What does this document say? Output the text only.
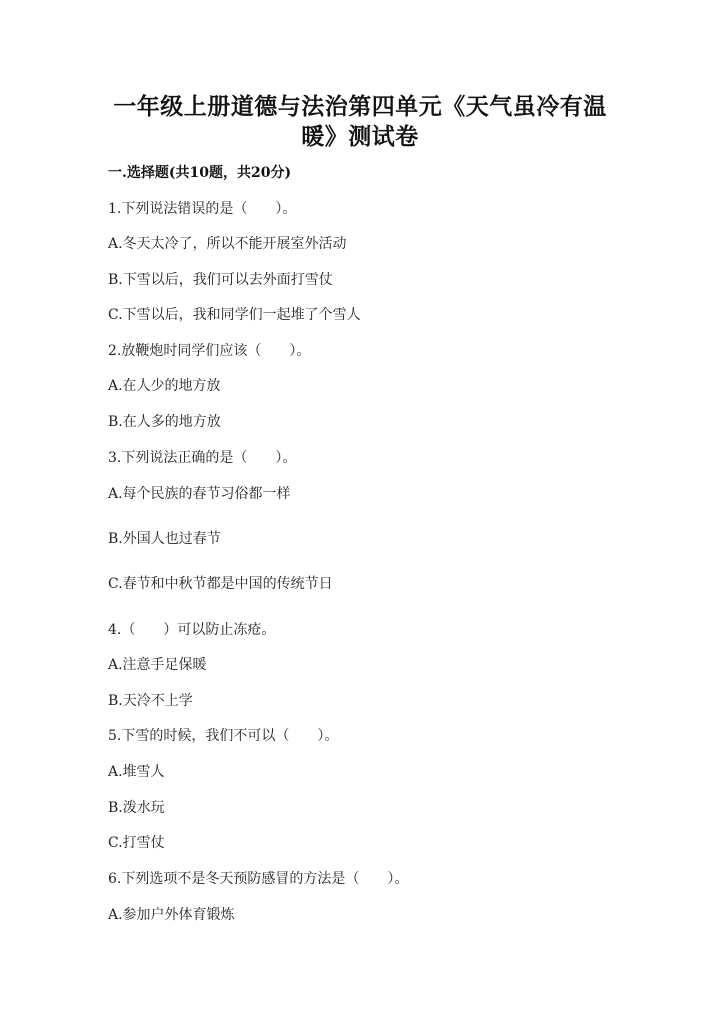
一年级上册道德与法治第四单元《天气虽冷有温
暖》测试卷
一.选择题(共10题，共20分)
1.下列说法错误的是（　　）。
A.冬天太冷了，所以不能开展室外活动
B.下雪以后，我们可以去外面打雪仗
C.下雪以后，我和同学们一起堆了个雪人
2.放鞭炮时同学们应该（　　）。
A.在人少的地方放
B.在人多的地方放
3.下列说法正确的是（　　）。
A.每个民族的春节习俗都一样
B.外国人也过春节
C.春节和中秋节都是中国的传统节日
4.（　　）可以防止冻疮。
A.注意手足保暖
B.天冷不上学
5.下雪的时候，我们不可以（　　）。
A.堆雪人
B.泼水玩
C.打雪仗
6.下列选项不是冬天预防感冒的方法是（　　）。
A.参加户外体育锻炼
